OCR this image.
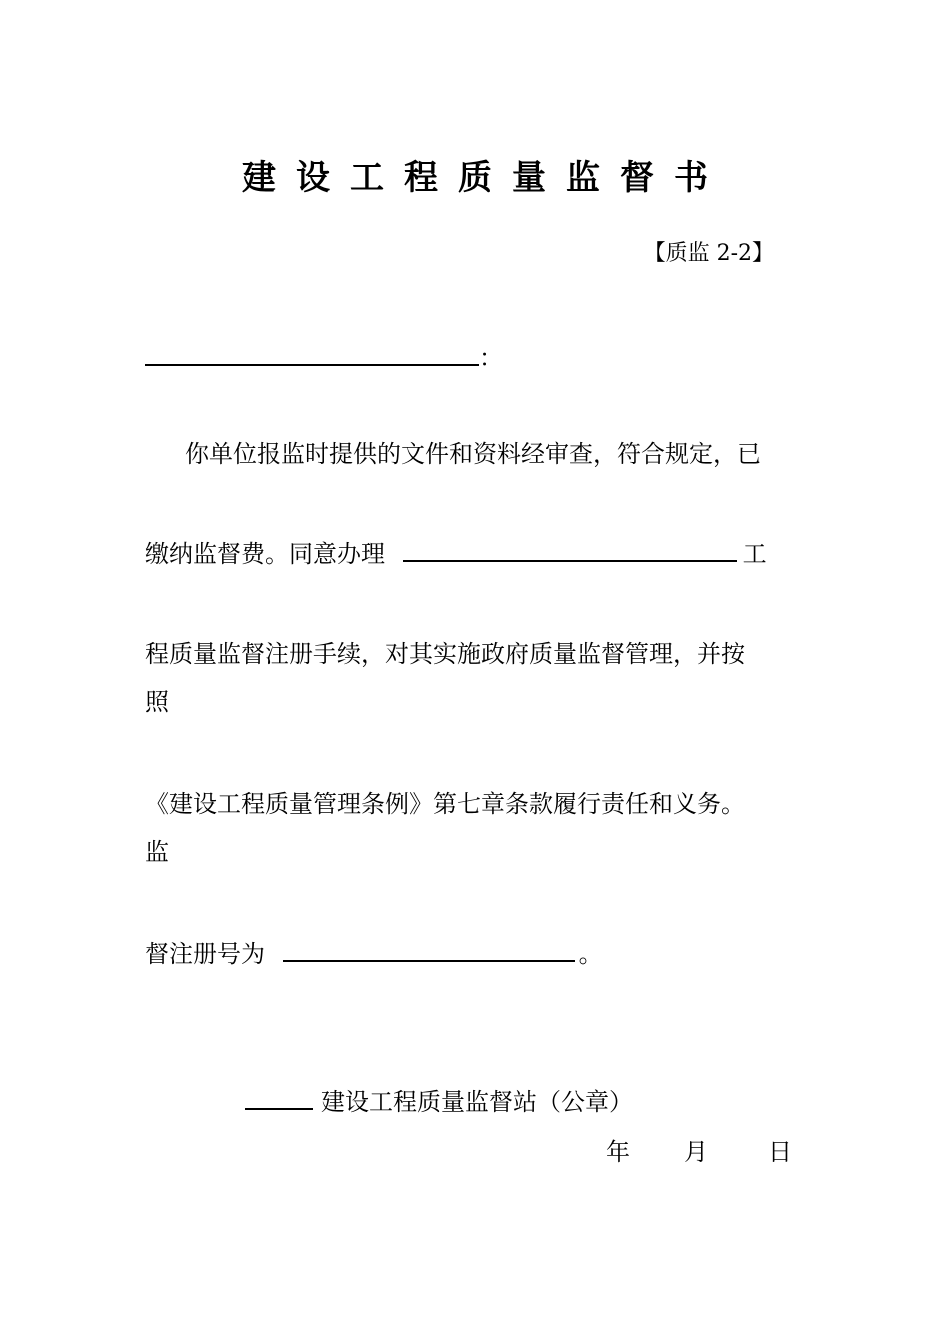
建设工程质量监督书
【质监 2-2】
：
你单位报监时提供的文件和资料经审查，符合规定，已
缴纳监督费。同意办理	工
程质量监督注册手续，对其实施政府质量监督管理，并按
照
《建设工程质量管理条例》第七章条款履行责任和义务。
监
督注册号为	。
建设工程质量监督站（公章）
年 月	日
